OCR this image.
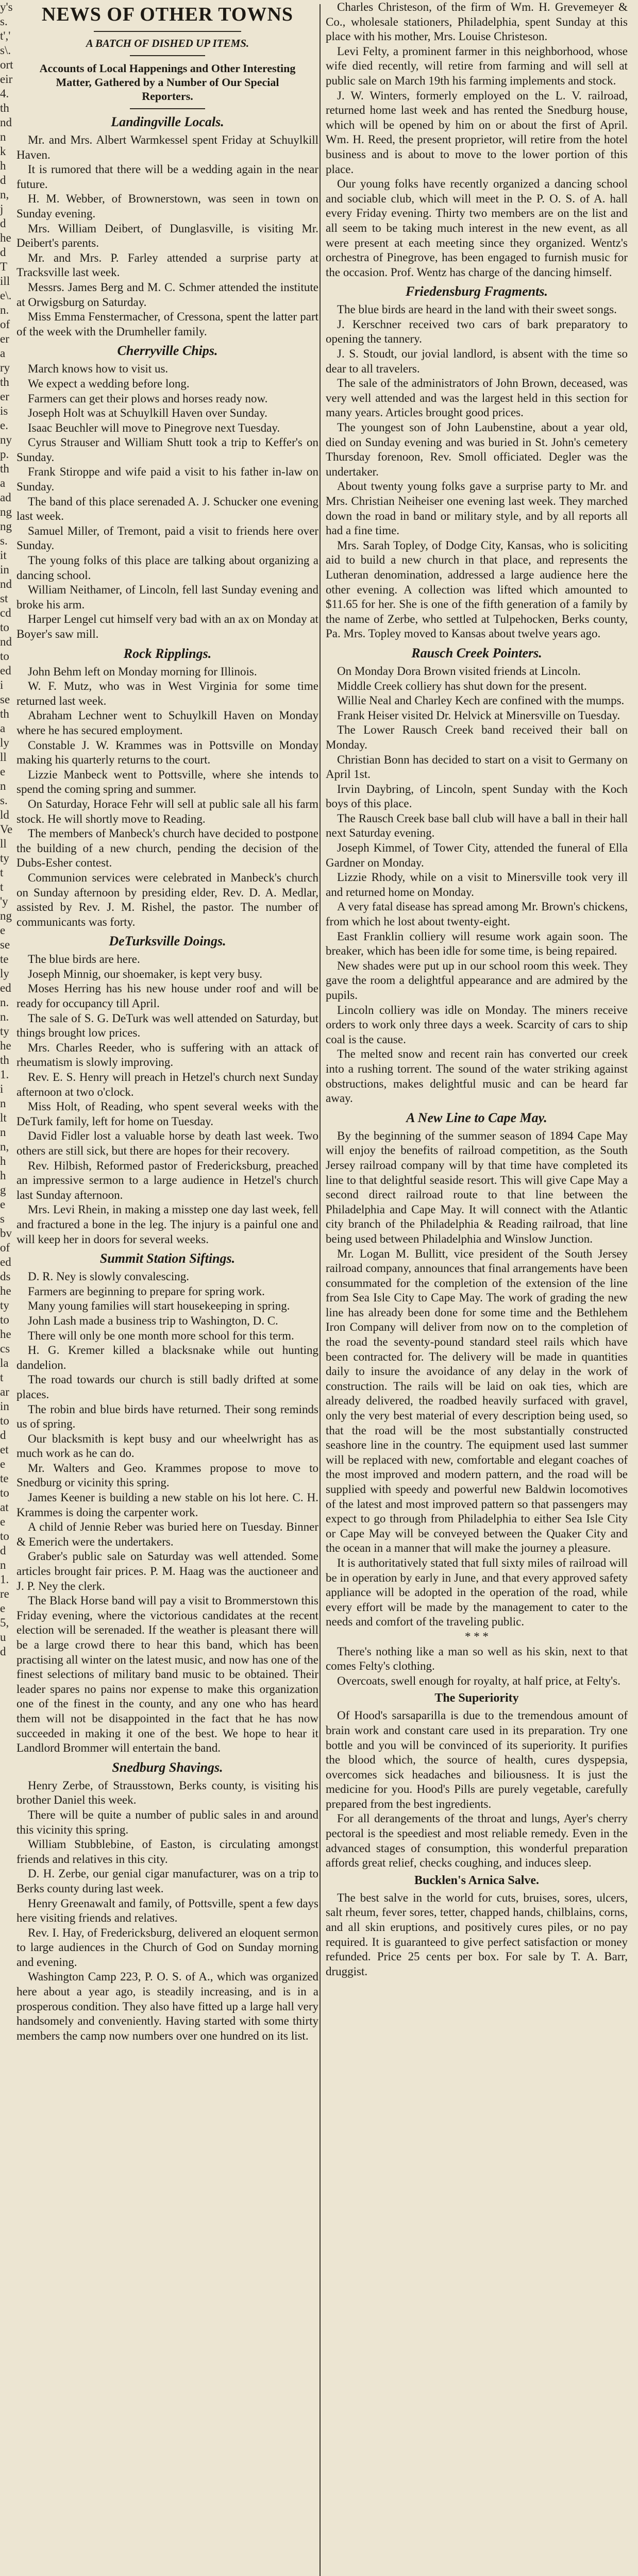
y's
s.
t','
s\.
ort
eir
4.
th
nd
n
k
h
d
n,
j
d
he
d
T
ill
e\.
n.
of
er
a
ry
th
er
is
e.
ny
p.
th
a
ad
ng
ng
s.
it
in
nd
st
cd
to
nd
to
ed
i
se
th
a
ly
ll
e
n
s.
ld
Ve
ll
ty
t
t
'y
ng
e
se
te
ly
ed
n.
n.
ty
he
th
1.
i
n
lt
n
n,
h
h
g
e
s
bv
of
ed
ds
he
ty
to
he
cs
la
t
ar
in
to
d
et
e
te
to
at
e
to
d
n
1.
re
e
5,
u
d
NEWS OF OTHER TOWNS
A BATCH OF DISHED UP ITEMS.
Accounts of Local Happenings and Other Interesting Matter, Gathered by a Number of Our Special Reporters.
Landingville Locals.

Mr. and Mrs. Albert Warmkessel spent Friday at Schuylkill Haven.

It is rumored that there will be a wedding again in the near future.

H. M. Webber, of Brownerstown, was seen in town on Sunday evening.

Mrs. William Deibert, of Dunglasville, is visiting Mr. Deibert's parents.

Mr. and Mrs. P. Farley attended a surprise party at Tracksville last week.

Messrs. James Berg and M. C. Schmer attended the institute at Orwigsburg on Saturday.

Miss Emma Fenstermacher, of Cressona, spent the latter part of the week with the Drumheller family.

Cherryville Chips.

March knows how to visit us.

We expect a wedding before long.

Farmers can get their plows and horses ready now.

Joseph Holt was at Schuylkill Haven over Sunday.

Isaac Beuchler will move to Pinegrove next Tuesday.

Cyrus Strauser and William Shutt took a trip to Keffer's on Sunday.

Frank Stiroppe and wife paid a visit to his father in-law on Sunday.

The band of this place serenaded A. J. Schucker one evening last week.

Samuel Miller, of Tremont, paid a visit to friends here over Sunday.

The young folks of this place are talking about organizing a dancing school.

William Neithamer, of Lincoln, fell last Sunday evening and broke his arm.

Harper Lengel cut himself very bad with an ax on Monday at Boyer's saw mill.

Rock Ripplings.

John Behm left on Monday morning for Illinois.

W. F. Mutz, who was in West Virginia for some time returned last week.

Abraham Lechner went to Schuylkill Haven on Monday where he has secured employment.

Constable J. W. Krammes was in Pottsville on Monday making his quarterly returns to the court.

Lizzie Manbeck went to Pottsville, where she intends to spend the coming spring and summer.

On Saturday, Horace Fehr will sell at public sale all his farm stock. He will shortly move to Reading.

The members of Manbeck's church have decided to postpone the building of a new church, pending the decision of the Dubs-Esher contest.

Communion services were celebrated in Manbeck's church on Sunday afternoon by presiding elder, Rev. D. A. Medlar, assisted by Rev. J. M. Rishel, the pastor. The number of communicants was forty.

DeTurksville Doings.

The blue birds are here.

Joseph Minnig, our shoemaker, is kept very busy.

Moses Herring has his new house under roof and will be ready for occupancy till April.

The sale of S. G. DeTurk was well attended on Saturday, but things brought low prices.

Mrs. Charles Reeder, who is suffering with an attack of rheumatism is slowly improving.

Rev. E. S. Henry will preach in Hetzel's church next Sunday afternoon at two o'clock.

Miss Holt, of Reading, who spent several weeks with the DeTurk family, left for home on Tuesday.

David Fidler lost a valuable horse by death last week. Two others are still sick, but there are hopes for their recovery.

Rev. Hilbish, Reformed pastor of Fredericksburg, preached an impressive sermon to a large audience in Hetzel's church last Sunday afternoon.

Mrs. Levi Rhein, in making a misstep one day last week, fell and fractured a bone in the leg. The injury is a painful one and will keep her in doors for several weeks.

Summit Station Siftings.

D. R. Ney is slowly convalescing.

Farmers are beginning to prepare for spring work.

Many young families will start housekeeping in spring.

John Lash made a business trip to Washington, D. C.

There will only be one month more school for this term.

H. G. Kremer killed a blacksnake while out hunting dandelion.

The road towards our church is still badly drifted at some places.

The robin and blue birds have returned. Their song reminds us of spring.

Our blacksmith is kept busy and our wheelwright has as much work as he can do.

Mr. Walters and Geo. Krammes propose to move to Snedburg or vicinity this spring.

James Keener is building a new stable on his lot here. C. H. Krammes is doing the carpenter work.

A child of Jennie Reber was buried here on Tuesday. Binner & Emerich were the undertakers.

Graber's public sale on Saturday was well attended. Some articles brought fair prices. P. M. Haag was the auctioneer and J. P. Ney the clerk.

The Black Horse band will pay a visit to Brommerstown this Friday evening, where the victorious candidates at the recent election will be serenaded. If the weather is pleasant there will be a large crowd there to hear this band, which has been practising all winter on the latest music, and now has one of the finest selections of military band music to be obtained. Their leader spares no pains nor expense to make this organization one of the finest in the county, and any one who has heard them will not be disappointed in the fact that he has now succeeded in making it one of the best. We hope to hear it Landlord Brommer will entertain the band.

Snedburg Shavings.

Henry Zerbe, of Strausstown, Berks county, is visiting his brother Daniel this week.

There will be quite a number of public sales in and around this vicinity this spring.

William Stubblebine, of Easton, is circulating amongst friends and relatives in this city.

D. H. Zerbe, our genial cigar manufacturer, was on a trip to Berks county during last week.

Henry Greenawalt and family, of Pottsville, spent a few days here visiting friends and relatives.

Rev. I. Hay, of Fredericksburg, delivered an eloquent sermon to large audiences in the Church of God on Sunday morning and evening.

Washington Camp 223, P. O. S. of A., which was organized here about a year ago, is steadily increasing, and is in a prosperous condition. They also have fitted up a large hall very handsomely and conveniently. Having started with some thirty members the camp now numbers over one hundred on its list.

Charles Christeson, of the firm of Wm. H. Grevemeyer & Co., wholesale stationers, Philadelphia, spent Sunday at this place with his mother, Mrs. Louise Christeson.

Levi Felty, a prominent farmer in this neighborhood, whose wife died recently, will retire from farming and will sell at public sale on March 19th his farming implements and stock.

J. W. Winters, formerly employed on the L. V. railroad, returned home last week and has rented the Snedburg house, which will be opened by him on or about the first of April. Wm. H. Reed, the present proprietor, will retire from the hotel business and is about to move to the lower portion of this place.

Our young folks have recently organized a dancing school and sociable club, which will meet in the P. O. S. of A. hall every Friday evening. Thirty two members are on the list and all seem to be taking much interest in the new event, as all were present at each meeting since they organized. Wentz's orchestra of Pinegrove, has been engaged to furnish music for the occasion. Prof. Wentz has charge of the dancing himself.

Friedensburg Fragments.

The blue birds are heard in the land with their sweet songs.

J. Kerschner received two cars of bark preparatory to opening the tannery.

J. S. Stoudt, our jovial landlord, is absent with the time so dear to all travelers.

The sale of the administrators of John Brown, deceased, was very well attended and was the largest held in this section for many years. Articles brought good prices.

The youngest son of John Laubenstine, about a year old, died on Sunday evening and was buried in St. John's cemetery Thursday forenoon, Rev. Smoll officiated. Degler was the undertaker.

About twenty young folks gave a surprise party to Mr. and Mrs. Christian Neiheiser one evening last week. They marched down the road in band or military style, and by all reports all had a fine time.

Mrs. Sarah Topley, of Dodge City, Kansas, who is soliciting aid to build a new church in that place, and represents the Lutheran denomination, addressed a large audience here the other evening. A collection was lifted which amounted to $11.65 for her. She is one of the fifth generation of a family by the name of Zerbe, who settled at Tulpehocken, Berks county, Pa. Mrs. Topley moved to Kansas about twelve years ago.

Rausch Creek Pointers.

On Monday Dora Brown visited friends at Lincoln.

Middle Creek colliery has shut down for the present.

Willie Neal and Charley Kech are confined with the mumps.

Frank Heiser visited Dr. Helvick at Minersville on Tuesday.

The Lower Rausch Creek band received their ball on Monday.

Christian Bonn has decided to start on a visit to Germany on April 1st.

Irvin Daybring, of Lincoln, spent Sunday with the Koch boys of this place.

The Rausch Creek base ball club will have a ball in their hall next Saturday evening.

Joseph Kimmel, of Tower City, attended the funeral of Ella Gardner on Monday.

Lizzie Rhody, while on a visit to Minersville took very ill and returned home on Monday.

A very fatal disease has spread among Mr. Brown's chickens, from which he lost about twenty-eight.

East Franklin colliery will resume work again soon. The breaker, which has been idle for some time, is being repaired.

New shades were put up in our school room this week. They gave the room a delightful appearance and are admired by the pupils.

Lincoln colliery was idle on Monday. The miners receive orders to work only three days a week. Scarcity of cars to ship coal is the cause.

The melted snow and recent rain has converted our creek into a rushing torrent. The sound of the water striking against obstructions, makes delightful music and can be heard far away.

A New Line to Cape May.

By the beginning of the summer season of 1894 Cape May will enjoy the benefits of railroad competition, as the South Jersey railroad company will by that time have completed its line to that delightful seaside resort. This will give Cape May a second direct railroad route to that line between the Philadelphia and Cape May. It will connect with the Atlantic city branch of the Philadelphia & Reading railroad, that line being used between Philadelphia and Winslow Junction.

Mr. Logan M. Bullitt, vice president of the South Jersey railroad company, announces that final arrangements have been consummated for the completion of the extension of the line from Sea Isle City to Cape May. The work of grading the new line has already been done for some time and the Bethlehem Iron Company will deliver from now on to the completion of the road the seventy-pound standard steel rails which have been contracted for. The delivery will be made in quantities daily to insure the avoidance of any delay in the work of construction. The rails will be laid on oak ties, which are already delivered, the roadbed heavily surfaced with gravel, only the very best material of every description being used, so that the road will be the most substantially constructed seashore line in the country. The equipment used last summer will be replaced with new, comfortable and elegant coaches of the most improved and modern pattern, and the road will be supplied with speedy and powerful new Baldwin locomotives of the latest and most improved pattern so that passengers may expect to go through from Philadelphia to either Sea Isle City or Cape May will be conveyed between the Quaker City and the ocean in a manner that will make the journey a pleasure.

It is authoritatively stated that full sixty miles of railroad will be in operation by early in June, and that every approved safety appliance will be adopted in the operation of the road, while every effort will be made by the management to cater to the needs and comfort of the traveling public.

* * *

There's nothing like a man so well as his skin, next to that comes Felty's clothing.

Overcoats, swell enough for royalty, at half price, at Felty's.

The Superiority

Of Hood's sarsaparilla is due to the tremendous amount of brain work and constant care used in its preparation. Try one bottle and you will be convinced of its superiority. It purifies the blood which, the source of health, cures dyspepsia, overcomes sick headaches and biliousness. It is just the medicine for you. Hood's Pills are purely vegetable, carefully prepared from the best ingredients.

For all derangements of the throat and lungs, Ayer's cherry pectoral is the speediest and most reliable remedy. Even in the advanced stages of consumption, this wonderful preparation affords great relief, checks coughing, and induces sleep.

Bucklen's Arnica Salve.

The best salve in the world for cuts, bruises, sores, ulcers, salt rheum, fever sores, tetter, chapped hands, chilblains, corns, and all skin eruptions, and positively cures piles, or no pay required. It is guaranteed to give perfect satisfaction or money refunded. Price 25 cents per box. For sale by T. A. Barr, druggist.
